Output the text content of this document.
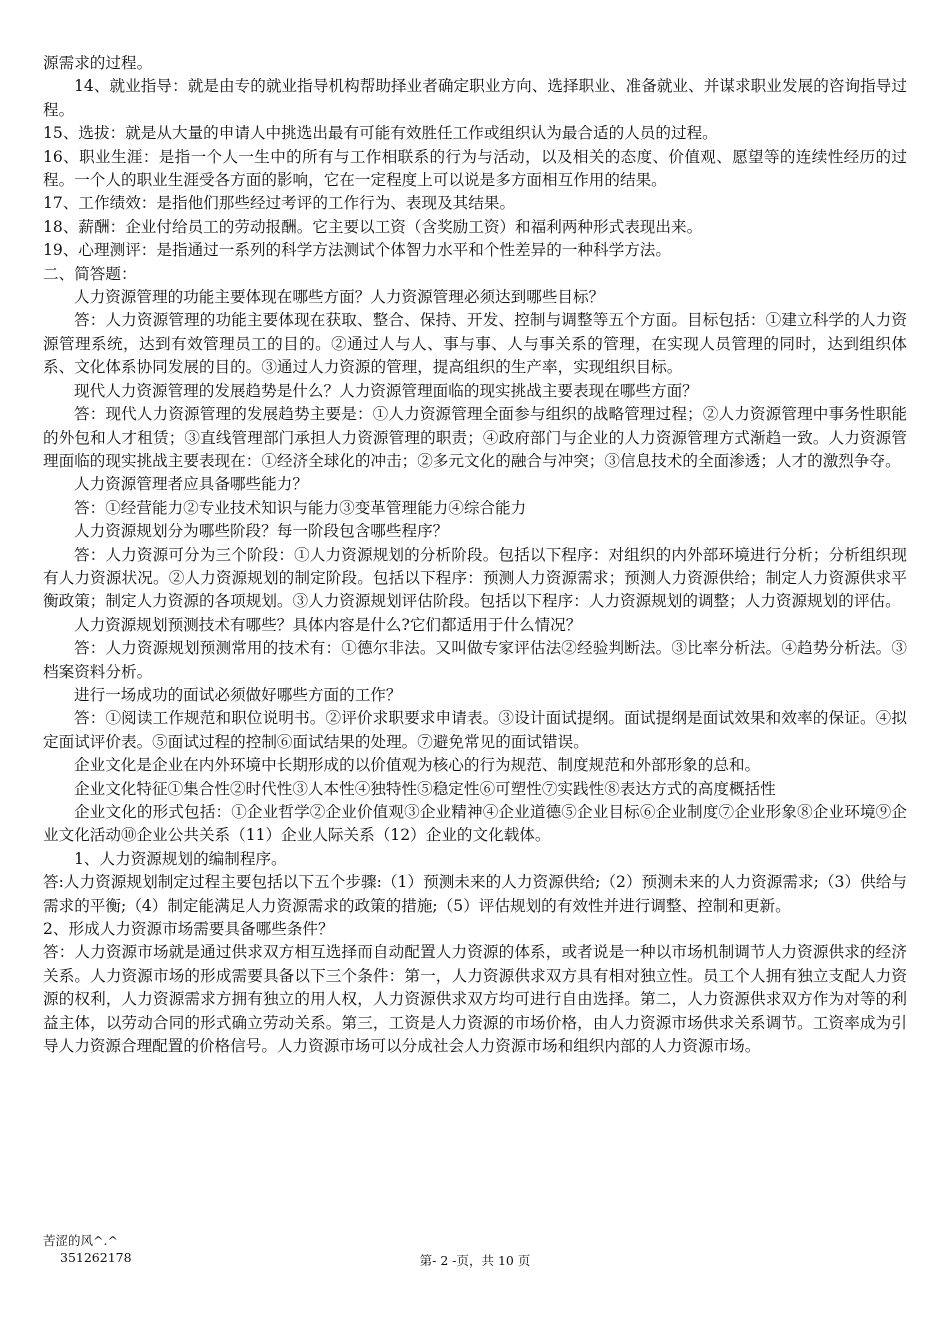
源需求的过程。

14、就业指导：就是由专的就业指导机构帮助择业者确定职业方向、选择职业、准备就业、并谋求职业发展的咨询指导过程。

15、选拔：就是从大量的申请人中挑选出最有可能有效胜任工作或组织认为最合适的人员的过程。

16、职业生涯：是指一个人一生中的所有与工作相联系的行为与活动，以及相关的态度、价值观、愿望等的连续性经历的过程。一个人的职业生涯受各方面的影响，它在一定程度上可以说是多方面相互作用的结果。

17、工作绩效：是指他们那些经过考评的工作行为、表现及其结果。

18、薪酬：企业付给员工的劳动报酬。它主要以工资（含奖励工资）和福利两种形式表现出来。

19、心理测评：是指通过一系列的科学方法测试个体智力水平和个性差异的一种科学方法。

二、简答题：

人力资源管理的功能主要体现在哪些方面？人力资源管理必须达到哪些目标？

答：人力资源管理的功能主要体现在获取、整合、保持、开发、控制与调整等五个方面。目标包括：①建立科学的人力资源管理系统，达到有效管理员工的目的。②通过人与人、事与事、人与事关系的管理，在实现人员管理的同时，达到组织体系、文化体系协同发展的目的。③通过人力资源的管理，提高组织的生产率，实现组织目标。

现代人力资源管理的发展趋势是什么？人力资源管理面临的现实挑战主要表现在哪些方面？

答：现代人力资源管理的发展趋势主要是：①人力资源管理全面参与组织的战略管理过程；②人力资源管理中事务性职能的外包和人才租赁；③直线管理部门承担人力资源管理的职责；④政府部门与企业的人力资源管理方式渐趋一致。人力资源管理面临的现实挑战主要表现在：①经济全球化的冲击；②多元文化的融合与冲突；③信息技术的全面渗透；人才的激烈争夺。

人力资源管理者应具备哪些能力？

答：①经营能力②专业技术知识与能力③变革管理能力④综合能力

人力资源规划分为哪些阶段？每一阶段包含哪些程序？

答：人力资源可分为三个阶段：①人力资源规划的分析阶段。包括以下程序：对组织的内外部环境进行分析；分析组织现有人力资源状况。②人力资源规划的制定阶段。包括以下程序：预测人力资源需求；预测人力资源供给；制定人力资源供求平衡政策；制定人力资源的各项规划。③人力资源规划评估阶段。包括以下程序：人力资源规划的调整；人力资源规划的评估。

人力资源规划预测技术有哪些？具体内容是什么?它们都适用于什么情况？

答：人力资源规划预测常用的技术有：①德尔非法。又叫做专家评估法②经验判断法。③比率分析法。④趋势分析法。③档案资料分析。

进行一场成功的面试必须做好哪些方面的工作？

答：①阅读工作规范和职位说明书。②评价求职要求申请表。③设计面试提纲。面试提纲是面试效果和效率的保证。④拟定面试评价表。⑤面试过程的控制⑥面试结果的处理。⑦避免常见的面试错误。

企业文化是企业在内外环境中长期形成的以价值观为核心的行为规范、制度规范和外部形象的总和。

企业文化特征①集合性②时代性③人本性④独特性⑤稳定性⑥可塑性⑦实践性⑧表达方式的高度概括性

企业文化的形式包括：①企业哲学②企业价值观③企业精神④企业道德⑤企业目标⑥企业制度⑦企业形象⑧企业环境⑨企业文化活动⑩企业公共关系（11）企业人际关系（12）企业的文化载体。

1、人力资源规划的编制程序。

答:人力资源规划制定过程主要包括以下五个步骤:（1）预测未来的人力资源供给;（2）预测未来的人力资源需求;（3）供给与需求的平衡;（4）制定能满足人力资源需求的政策的措施;（5）评估规划的有效性并进行调整、控制和更新。

2、形成人力资源市场需要具备哪些条件？

答：人力资源市场就是通过供求双方相互选择而自动配置人力资源的体系，或者说是一种以市场机制调节人力资源供求的经济关系。人力资源市场的形成需要具备以下三个条件：第一，人力资源供求双方具有相对独立性。员工个人拥有独立支配人力资源的权利，人力资源需求方拥有独立的用人权，人力资源供求双方均可进行自由选择。第二，人力资源供求双方作为对等的利益主体，以劳动合同的形式确立劳动关系。第三，工资是人力资源的市场价格，由人力资源市场供求关系调节。工资率成为引导人力资源合理配置的价格信号。人力资源市场可以分成社会人力资源市场和组织内部的人力资源市场。

苦涩的风^.^
351262178	第- 2 -页，共 10 页
